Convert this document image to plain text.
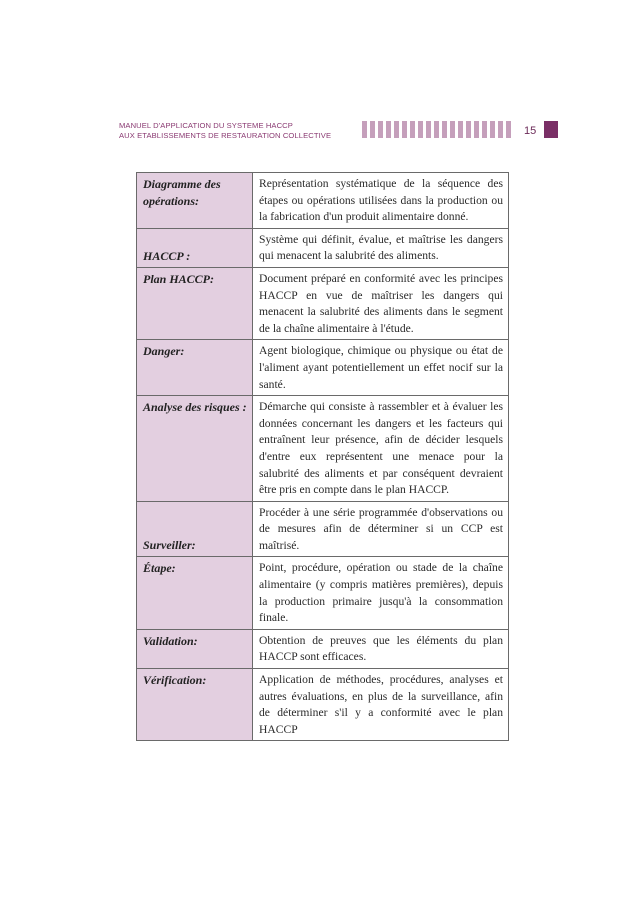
MANUEL D'APPLICATION DU SYSTEME HACCP
AUX ETABLISSEMENTS DE RESTAURATION COLLECTIVE	15
Diagramme des opérations:	Représentation systématique de la séquence des étapes ou opérations utilisées dans la production ou la fabrication d'un produit alimentaire donné.
HACCP :	Système qui définit, évalue, et maîtrise les dangers qui menacent la salubrité des aliments.
Plan HACCP:	Document préparé en conformité avec les principes HACCP en vue de maîtriser les dangers qui menacent la salubrité des aliments dans le segment de la chaîne alimentaire à l'étude.
Danger:	Agent biologique, chimique ou physique ou état de l'aliment ayant potentiellement un effet nocif sur la santé.
Analyse des risques :	Démarche qui consiste à rassembler et à évaluer les données concernant les dangers et les facteurs qui entraînent leur présence, afin de décider lesquels d'entre eux représentent une menace pour la salubrité des aliments et par conséquent devraient être pris en compte dans le plan HACCP.
Surveiller:	Procéder à une série programmée d'observations ou de mesures afin de déterminer si un CCP est maîtrisé.
Étape:	Point, procédure, opération ou stade de la chaîne alimentaire (y compris matières premières), depuis la production primaire jusqu'à la consommation finale.
Validation:	Obtention de preuves que les éléments du plan HACCP sont efficaces.
Vérification:	Application de méthodes, procédures, analyses et autres évaluations, en plus de la surveillance, afin de déterminer s'il y a conformité avec le plan HACCP
